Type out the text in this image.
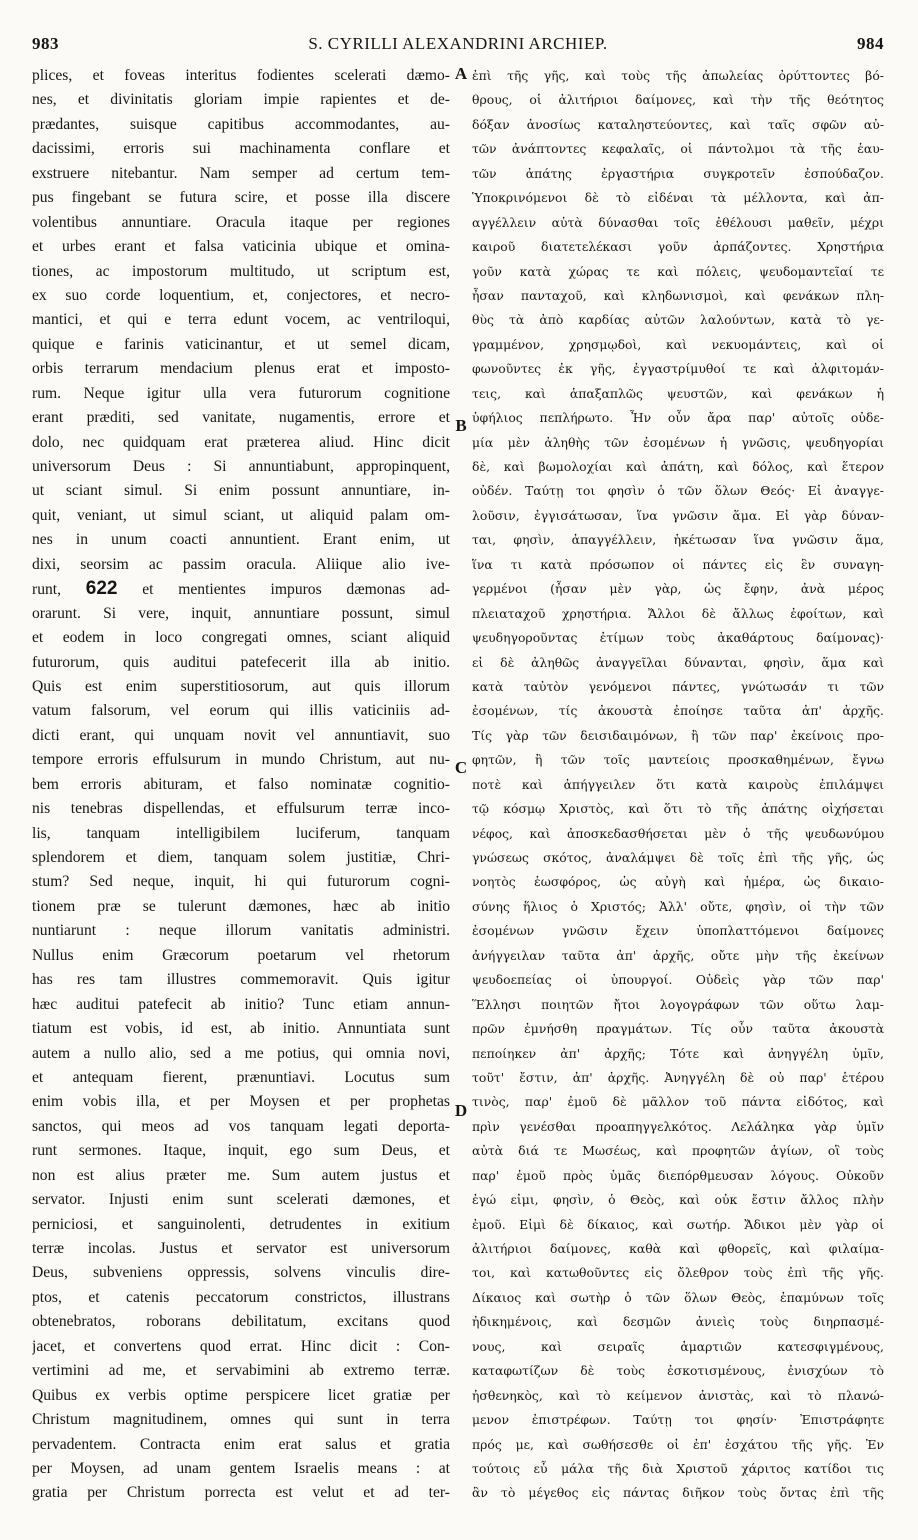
983	S. CYRILLI ALEXANDRINI ARCHIEP.	984
plices, et foveas interitus fodientes scelerati dæmo-
nes, et divinitatis gloriam impie rapientes et de-
prædantes, suisque capitibus accommodantes, au-
dacissimi, erroris sui machinamenta conflare et
exstruere nitebantur. Nam semper ad certum tem-
pus fingebant se futura scire, et posse illa discere
volentibus annuntiare. Oracula itaque per regiones
et urbes erant et falsa vaticinia ubique et omina-
tiones, ac impostorum multitudo, ut scriptum est,
ex suo corde loquentium, et, conjectores, et necro-
mantici, et qui e terra edunt vocem, ac ventriloqui,
quique e farinis vaticinantur, et ut semel dicam,
orbis terrarum mendacium plenus erat et imposto-
rum. Neque igitur ulla vera futurorum cognitione
erant præditi, sed vanitate, nugamentis, errore et
dolo, nec quidquam erat præterea aliud. Hinc dicit
universorum Deus : Si annuntiabunt, appropinquent,
ut sciant simul. Si enim possunt annuntiare, in-
quit, veniant, ut simul sciant, ut aliquid palam om-
nes in unum coacti annuntient. Erant enim, ut
dixi, seorsim ac passim oracula. Aliique alio ive-
runt, 622 et mentientes impuros dæmonas ad-
orarunt. Si vere, inquit, annuntiare possunt, simul
et eodem in loco congregati omnes, sciant aliquid
futurorum, quis auditui patefecerit illa ab initio.
Quis est enim superstitiosorum, aut quis illorum
vatum falsorum, vel eorum qui illis vaticiniis ad-
dicti erant, qui unquam novit vel annuntiavit, suo
tempore erroris effulsurum in mundo Christum, aut nu-
bem erroris abituram, et falso nominatæ cognitio-
nis tenebras dispellendas, et effulsurum terræ inco-
lis, tanquam intelligibilem luciferum, tanquam
splendorem et diem, tanquam solem justitiæ, Chri-
stum? Sed neque, inquit, hi qui futurorum cogni-
tionem præ se tulerunt dæmones, hæc ab initio
nuntiarunt : neque illorum vanitatis administri.
Nullus enim Græcorum poetarum vel rhetorum
has res tam illustres commemoravit. Quis igitur
hæc auditui patefecit ab initio? Tunc etiam annun-
tiatum est vobis, id est, ab initio. Annuntiata sunt
autem a nullo alio, sed a me potius, qui omnia novi,
et antequam fierent, prænuntiavi. Locutus sum
enim vobis illa, et per Moysen et per prophetas
sanctos, qui meos ad vos tanquam legati deporta-
runt sermones. Itaque, inquit, ego sum Deus, et
non est alius præter me. Sum autem justus et
servator. Injusti enim sunt scelerati dæmones, et
perniciosi, et sanguinolenti, detrudentes in exitium
terræ incolas. Justus et servator est universorum
Deus, subveniens oppressis, solvens vinculis dire-
ptos, et catenis peccatorum constrictos, illustrans
obtenebratos, roborans debilitatum, excitans quod
jacet, et convertens quod errat. Hinc dicit : Con-
vertimini ad me, et servabimini ab extremo terræ.
Quibus ex verbis optime perspicere licet gratiæ per
Christum magnitudinem, omnes qui sunt in terra
pervadentem. Contracta enim erat salus et gratia
per Moysen, ad unam gentem Israelis means : at
gratia per Christum porrecta est velut et ad ter-
ἐπὶ τῆς γῆς, καὶ τοὺς τῆς ἀπωλείας ὀρύττοντες βό-
θρους, οἱ ἀλιτήριοι δαίμονες, καὶ τὴν τῆς θεότητος
δόξαν ἀνοσίως καταληστεύοντες, καὶ ταῖς σφῶν αὐ-
τῶν ἀνάπτοντες κεφαλαῖς, οἱ πάντολμοι τὰ τῆς ἑαυ-
τῶν ἀπάτης ἐργαστήρια συγκροτεῖν ἐσπούδαζον.
Ὑποκρινόμενοι δὲ τὸ εἰδέναι τὰ μέλλοντα, καὶ ἀπ-
αγγέλλειν αὐτὰ δύνασθαι τοῖς ἐθέλουσι μαθεῖν, μέχρι
καιροῦ διατετελέκασι γοῦν ἁρπάζοντες. Χρηστήρια
γοῦν κατὰ χώρας τε καὶ πόλεις, ψευδομαντεῖαί τε
ἦσαν πανταχοῦ, καὶ κληδωνισμοὶ, καὶ φενάκων πλη-
θὺς τὰ ἀπὸ καρδίας αὐτῶν λαλούντων, κατὰ τὸ γε-
γραμμένον, χρησμῳδοὶ, καὶ νεκυομάντεις, καὶ οἱ
φωνοῦντες ἐκ γῆς, ἐγγαστρίμυθοί τε καὶ ἀλφιτομάν-
τεις, καὶ ἁπαξαπλῶς ψευστῶν, καὶ φενάκων ἡ
ὑφήλιος πεπλήρωτο. Ἦν οὖν ἄρα παρ' αὐτοῖς οὐδε-
μία μὲν ἀληθὴς τῶν ἐσομένων ἡ γνῶσις, ψευδηγορίαι
δὲ, καὶ βωμολοχίαι καὶ ἀπάτη, καὶ δόλος, καὶ ἕτερον
οὐδέν. Ταύτῃ τοι φησὶν ὁ τῶν ὅλων Θεός· Εἰ ἀναγγε-
λοῦσιν, ἐγγισάτωσαν, ἵνα γνῶσιν ἅμα. Εἰ γὰρ δύναν-
ται, φησὶν, ἀπαγγέλλειν, ἡκέτωσαν ἵνα γνῶσιν ἅμα,
ἵνα τι κατὰ πρόσωπον οἱ πάντες εἰς ἓν συναγη-
γερμένοι (ἦσαν μὲν γὰρ, ὡς ἔφην, ἀνὰ μέρος
πλειαταχοῦ χρηστήρια. Ἄλλοι δὲ ἄλλως ἐφοίτων, καὶ
ψευδηγοροῦντας ἐτίμων τοὺς ἀκαθάρτους δαίμονας)·
εἰ δὲ ἀληθῶς ἀναγγεῖλαι δύνανται, φησὶν, ἅμα καὶ
κατὰ ταὐτὸν γενόμενοι πάντες, γνώτωσάν τι τῶν
ἐσομένων, τίς ἀκουστὰ ἐποίησε ταῦτα ἀπ' ἀρχῆς.
Τίς γὰρ τῶν δεισιδαιμόνων, ἢ τῶν παρ' ἐκείνοις προ-
φητῶν, ἢ τῶν τοῖς μαντείοις προσκαθημένων, ἔγνω
ποτὲ καὶ ἀπήγγειλεν ὅτι κατὰ καιροὺς ἐπιλάμψει
τῷ κόσμῳ Χριστὸς, καὶ ὅτι τὸ τῆς ἀπάτης οἰχήσεται
νέφος, καὶ ἀποσκεδασθήσεται μὲν ὁ τῆς ψευδωνύμου
γνώσεως σκότος, ἀναλάμψει δὲ τοῖς ἐπὶ τῆς γῆς, ὡς
νοητὸς ἑωσφόρος, ὡς αὐγὴ καὶ ἡμέρα, ὡς δικαιο-
σύνης ἥλιος ὁ Χριστός; Ἀλλ' οὔτε, φησὶν, οἱ τὴν τῶν
ἐσομένων γνῶσιν ἔχειν ὑποπλαττόμενοι δαίμονες
ἀνήγγειλαν ταῦτα ἀπ' ἀρχῆς, οὔτε μὴν τῆς ἐκείνων
ψευδοεπείας οἱ ὑπουργοί. Οὐδεὶς γὰρ τῶν παρ'
Ἕλλησι ποιητῶν ἤτοι λογογράφων τῶν οὕτω λαμ-
πρῶν ἐμνήσθη πραγμάτων. Τίς οὖν ταῦτα ἀκουστὰ
πεποίηκεν ἀπ' ἀρχῆς; Τότε καὶ ἀνηγγέλη ὑμῖν,
τοῦτ' ἔστιν, ἀπ' ἀρχῆς. Ἀνηγγέλη δὲ οὐ παρ' ἑτέρου
τινὸς, παρ' ἐμοῦ δὲ μᾶλλον τοῦ πάντα εἰδότος, καὶ
πρὶν γενέσθαι προαπηγγελκότος. Λελάληκα γὰρ ὑμῖν
αὐτὰ διά τε Μωσέως, καὶ προφητῶν ἁγίων, οἳ τοὺς
παρ' ἐμοῦ πρὸς ὑμᾶς διεπόρθμευσαν λόγους. Οὐκοῦν
ἐγώ εἰμι, φησὶν, ὁ Θεὸς, καὶ οὐκ ἔστιν ἄλλος πλὴν
ἐμοῦ. Εἰμὶ δὲ δίκαιος, καὶ σωτήρ. Ἄδικοι μὲν γὰρ οἱ
ἀλιτήριοι δαίμονες, καθὰ καὶ φθορεῖς, καὶ φιλαίμα-
τοι, καὶ κατωθοῦντες εἰς ὄλεθρον τοὺς ἐπὶ τῆς γῆς.
Δίκαιος καὶ σωτὴρ ὁ τῶν ὅλων Θεὸς, ἐπαμύνων τοῖς
ἠδικημένοις, καὶ δεσμῶν ἀνιεὶς τοὺς διηρπασμέ-
νους, καὶ σειραῖς ἁμαρτιῶν κατεσφιγμένους,
καταφωτίζων δὲ τοὺς ἐσκοτισμένους, ἐνισχύων τὸ
ἠσθενηκὸς, καὶ τὸ κείμενον ἀνιστὰς, καὶ τὸ πλανώ-
μενον ἐπιστρέφων. Ταύτῃ τοι φησίν· Ἐπιστράφητε
πρός με, καὶ σωθήσεσθε οἱ ἐπ' ἐσχάτου τῆς γῆς. Ἐν
τούτοις εὖ μάλα τῆς διὰ Χριστοῦ χάριτος κατίδοι τις
ἂν τὸ μέγεθος εἰς πάντας διῆκον τοὺς ὄντας ἐπὶ τῆς
A
B
C
D
